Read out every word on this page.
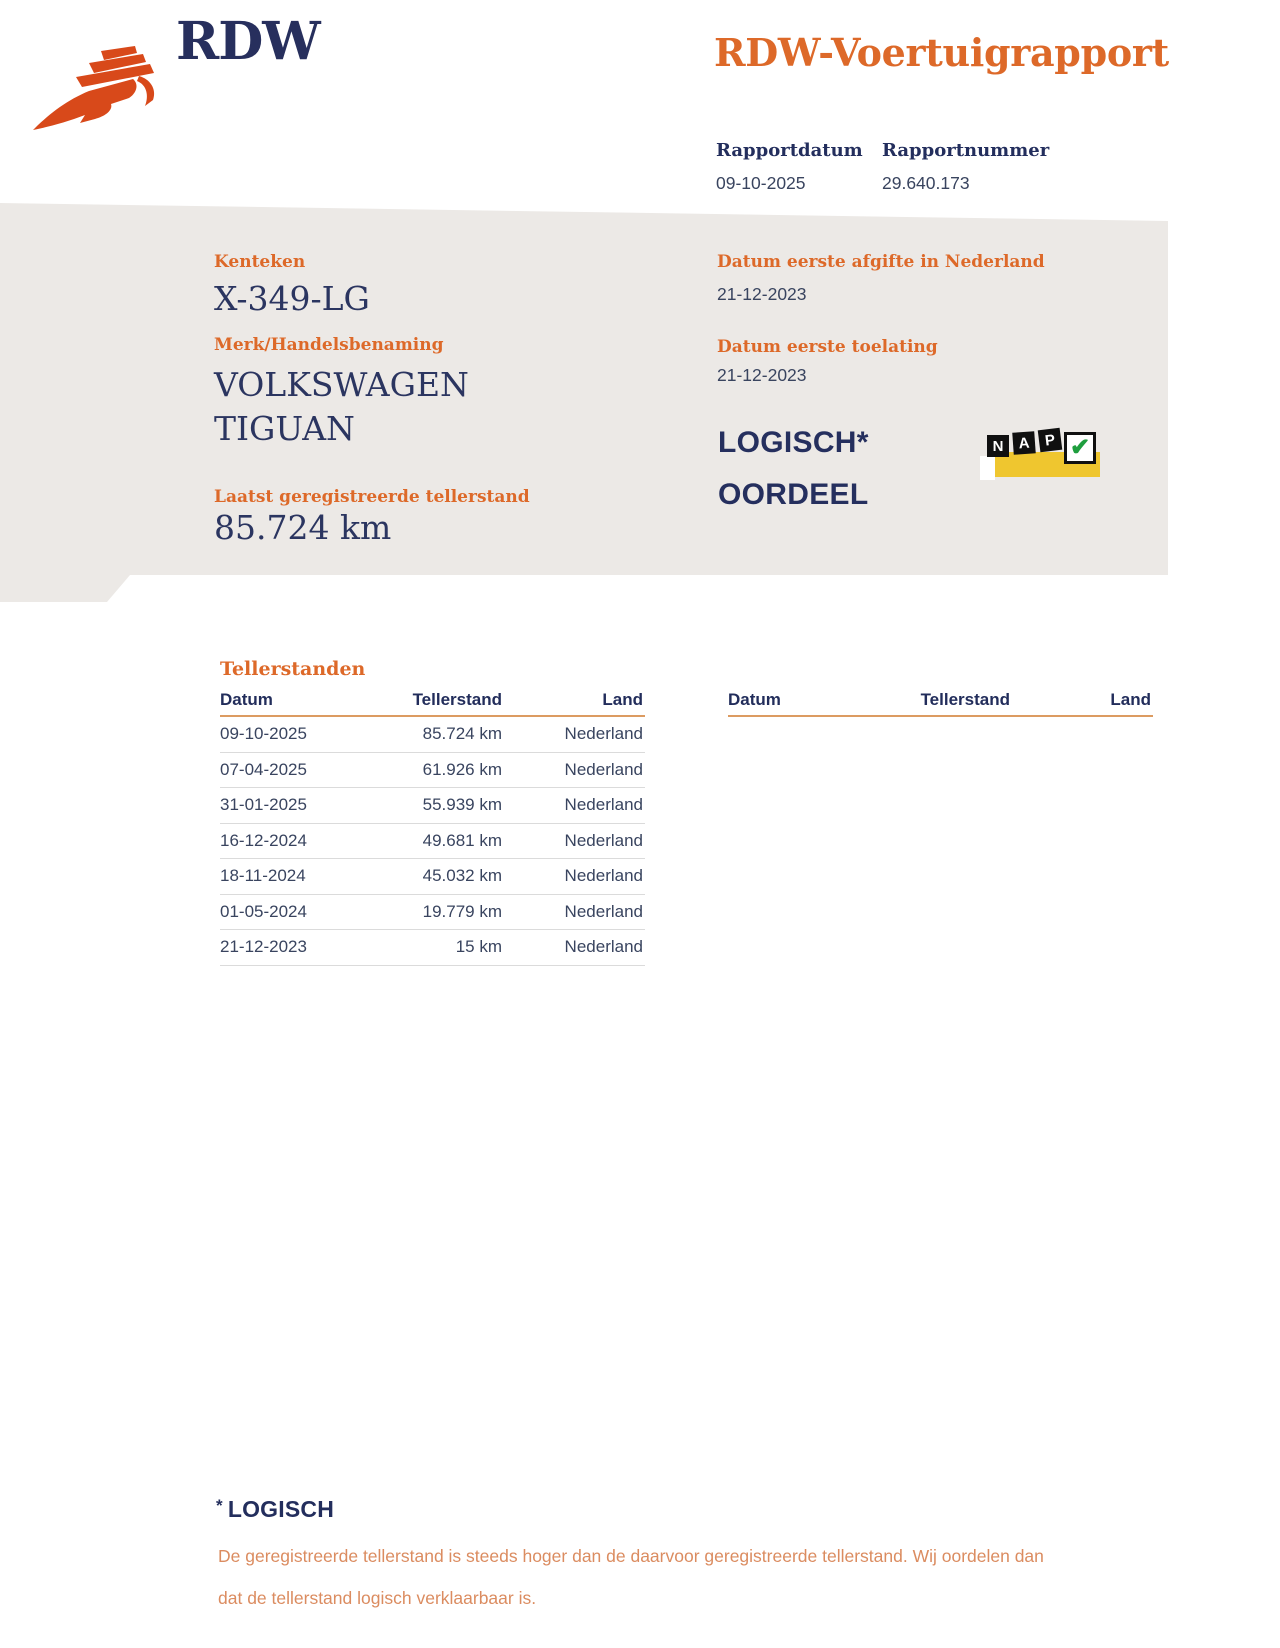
RDW	RDW-Voertuigrapport
Rapportdatum Rapportnummer
09-10-2025	29.640.173
Kenteken
X-349-LG
Merk/Handelsbenaming
VOLKSWAGEN
TIGUAN
Laatst geregistreerde tellerstand
85.724 km
Datum eerste afgifte in Nederland
21-12-2023
Datum eerste toelating
21-12-2023
LOGISCH*
OORDEEL
N A P ✔
Tellerstanden
Datum	Tellerstand	Land
09-10-2025	85.724 km	Nederland
07-04-2025	61.926 km	Nederland
31-01-2025	55.939 km	Nederland
16-12-2024	49.681 km	Nederland
18-11-2024	45.032 km	Nederland
01-05-2024	19.779 km	Nederland
21-12-2023	15 km	Nederland
Datum	Tellerstand	Land
* LOGISCH
De geregistreerde tellerstand is steeds hoger dan de daarvoor geregistreerde tellerstand. Wij oordelen dan
dat de tellerstand logisch verklaarbaar is.
